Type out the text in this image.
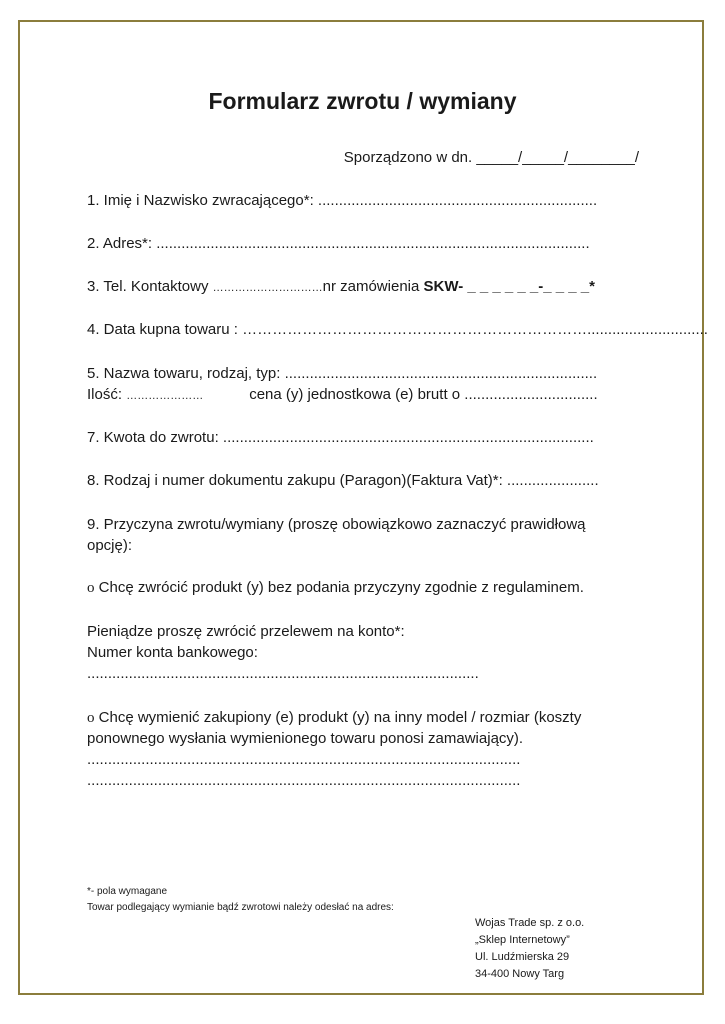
Formularz zwrotu / wymiany
Sporządzono w dn. _____/_____/________/
1. Imię i Nazwisko zwracającego*: ...................................................................
2. Adres*: ........................................................................................................
3. Tel. Kontaktowy …………………………nr zamówienia SKW- _ _ _ _ _ _-_ _ _ _*
4. Data kupna towaru : …………………………………………………………….............................
5. Nazwa towaru, rodzaj, typ: ...........................................................................
Ilość: …………………	cena (y) jednostkowa (e) brutt o ................................
7. Kwota do zwrotu: .........................................................................................
8. Rodzaj i numer dokumentu zakupu (Paragon)(Faktura Vat)*: ......................
9. Przyczyna zwrotu/wymiany (proszę obowiązkowo zaznaczyć prawidłową
opcję):
ο Chcę zwrócić produkt (y) bez podania przyczyny zgodnie z regulaminem.
Pieniądze proszę zwrócić przelewem na konto*:
Numer konta bankowego:
..............................................................................................
ο Chcę wymienić zakupiony (e) produkt (y) na inny model / rozmiar (koszty
ponownego wysłania wymienionego towaru ponosi zamawiający).
........................................................................................................
........................................................................................................
*- pola wymagane
Towar podlegający wymianie bądź zwrotowi należy odesłać na adres:
Wojas Trade sp. z o.o.
„Sklep Internetowy”
Ul. Ludźmierska 29
34-400 Nowy Targ
